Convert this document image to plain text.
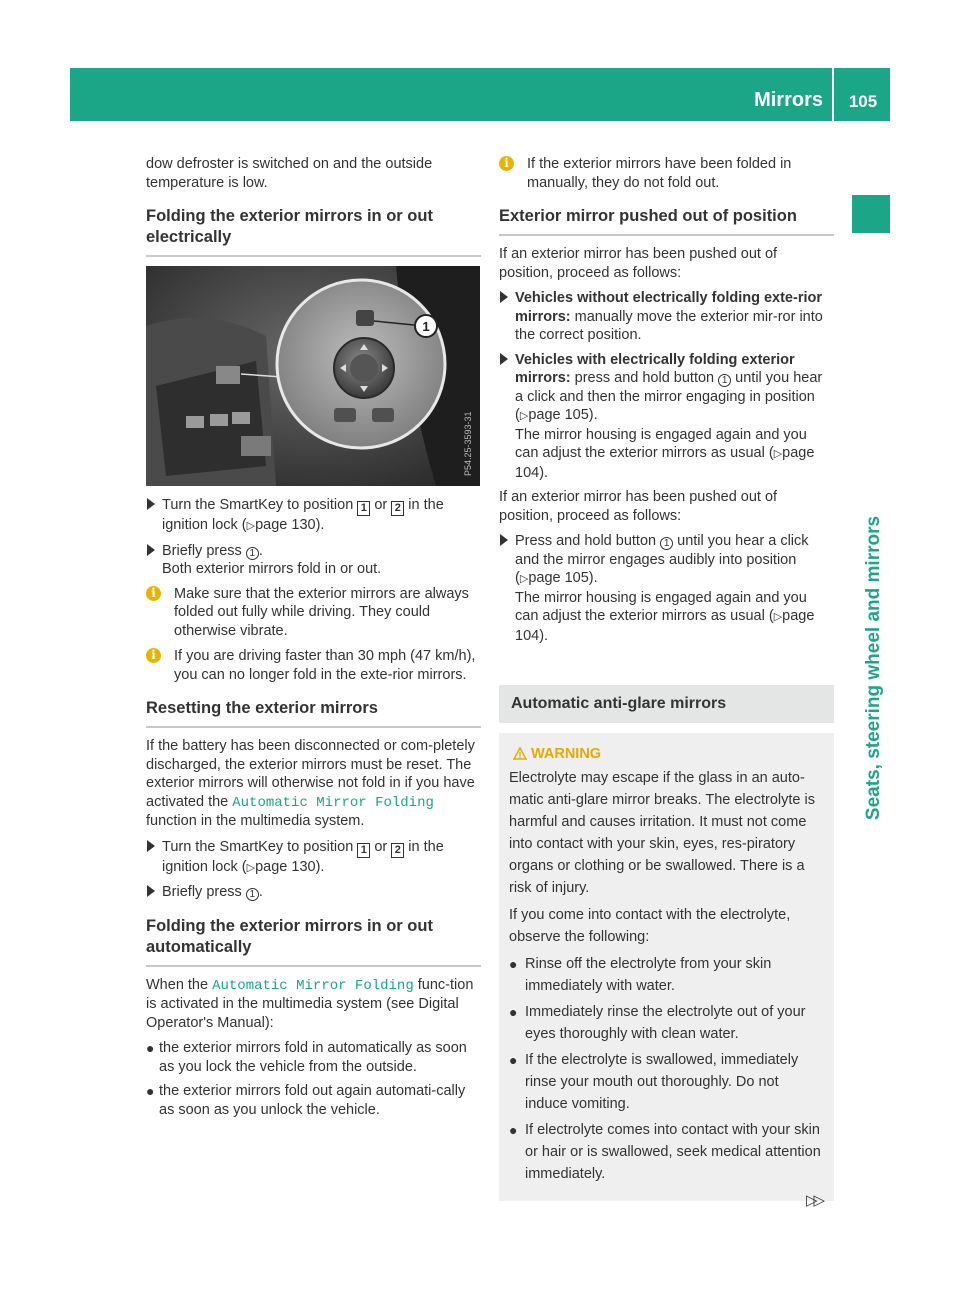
Mirrors	105
Seats, steering wheel and mirrors

dow defroster is switched on and the outside temperature is low.

Folding the exterior mirrors in or out electrically
1
P54.25-3593-31
Turn the SmartKey to position 1 or 2 in the ignition lock (▷page 130).
Briefly press 1 .
Both exterior mirrors fold in or out.
i	Make sure that the exterior mirrors are always folded out fully while driving. They could otherwise vibrate.
i	If you are driving faster than 30 mph (47 km/h), you can no longer fold in the exte-rior mirrors.
Resetting the exterior mirrors

If the battery has been disconnected or com-pletely discharged, the exterior mirrors must be reset. The exterior mirrors will otherwise not fold in if you have activated the Automatic Mirror Folding function in the multimedia system.

Turn the SmartKey to position 1 or 2 in the ignition lock (▷page 130).
Briefly press 1 .
Folding the exterior mirrors in or out automatically

When the Automatic Mirror Folding func-tion is activated in the multimedia system (see Digital Operator's Manual):

● the exterior mirrors fold in automatically as soon as you lock the vehicle from the outside.
● the exterior mirrors fold out again automati-cally as soon as you unlock the vehicle.
i	If the exterior mirrors have been folded in manually, they do not fold out.
Exterior mirror pushed out of position

If an exterior mirror has been pushed out of position, proceed as follows:

Vehicles without electrically folding exte-rior mirrors: manually move the exterior mir-ror into the correct position.
Vehicles with electrically folding exterior mirrors: press and hold button 1 until you hear a click and then the mirror engaging in position (▷page 105).
The mirror housing is engaged again and you can adjust the exterior mirrors as usual (▷page 104).

If an exterior mirror has been pushed out of position, proceed as follows:

Press and hold button 1 until you hear a click and the mirror engages audibly into position (▷page 105).
The mirror housing is engaged again and you can adjust the exterior mirrors as usual (▷page 104).
Automatic anti-glare mirrors
WARNING

Electrolyte may escape if the glass in an auto-matic anti-glare mirror breaks. The electrolyte is harmful and causes irritation. It must not come into contact with your skin, eyes, res-piratory organs or clothing or be swallowed. There is a risk of injury.

If you come into contact with the electrolyte, observe the following:

● Rinse off the electrolyte from your skin immediately with water.
● Immediately rinse the electrolyte out of your eyes thoroughly with clean water.
● If the electrolyte is swallowed, immediately rinse your mouth out thoroughly. Do not induce vomiting.
● If electrolyte comes into contact with your skin or hair or is swallowed, seek medical attention immediately.
▷▷
